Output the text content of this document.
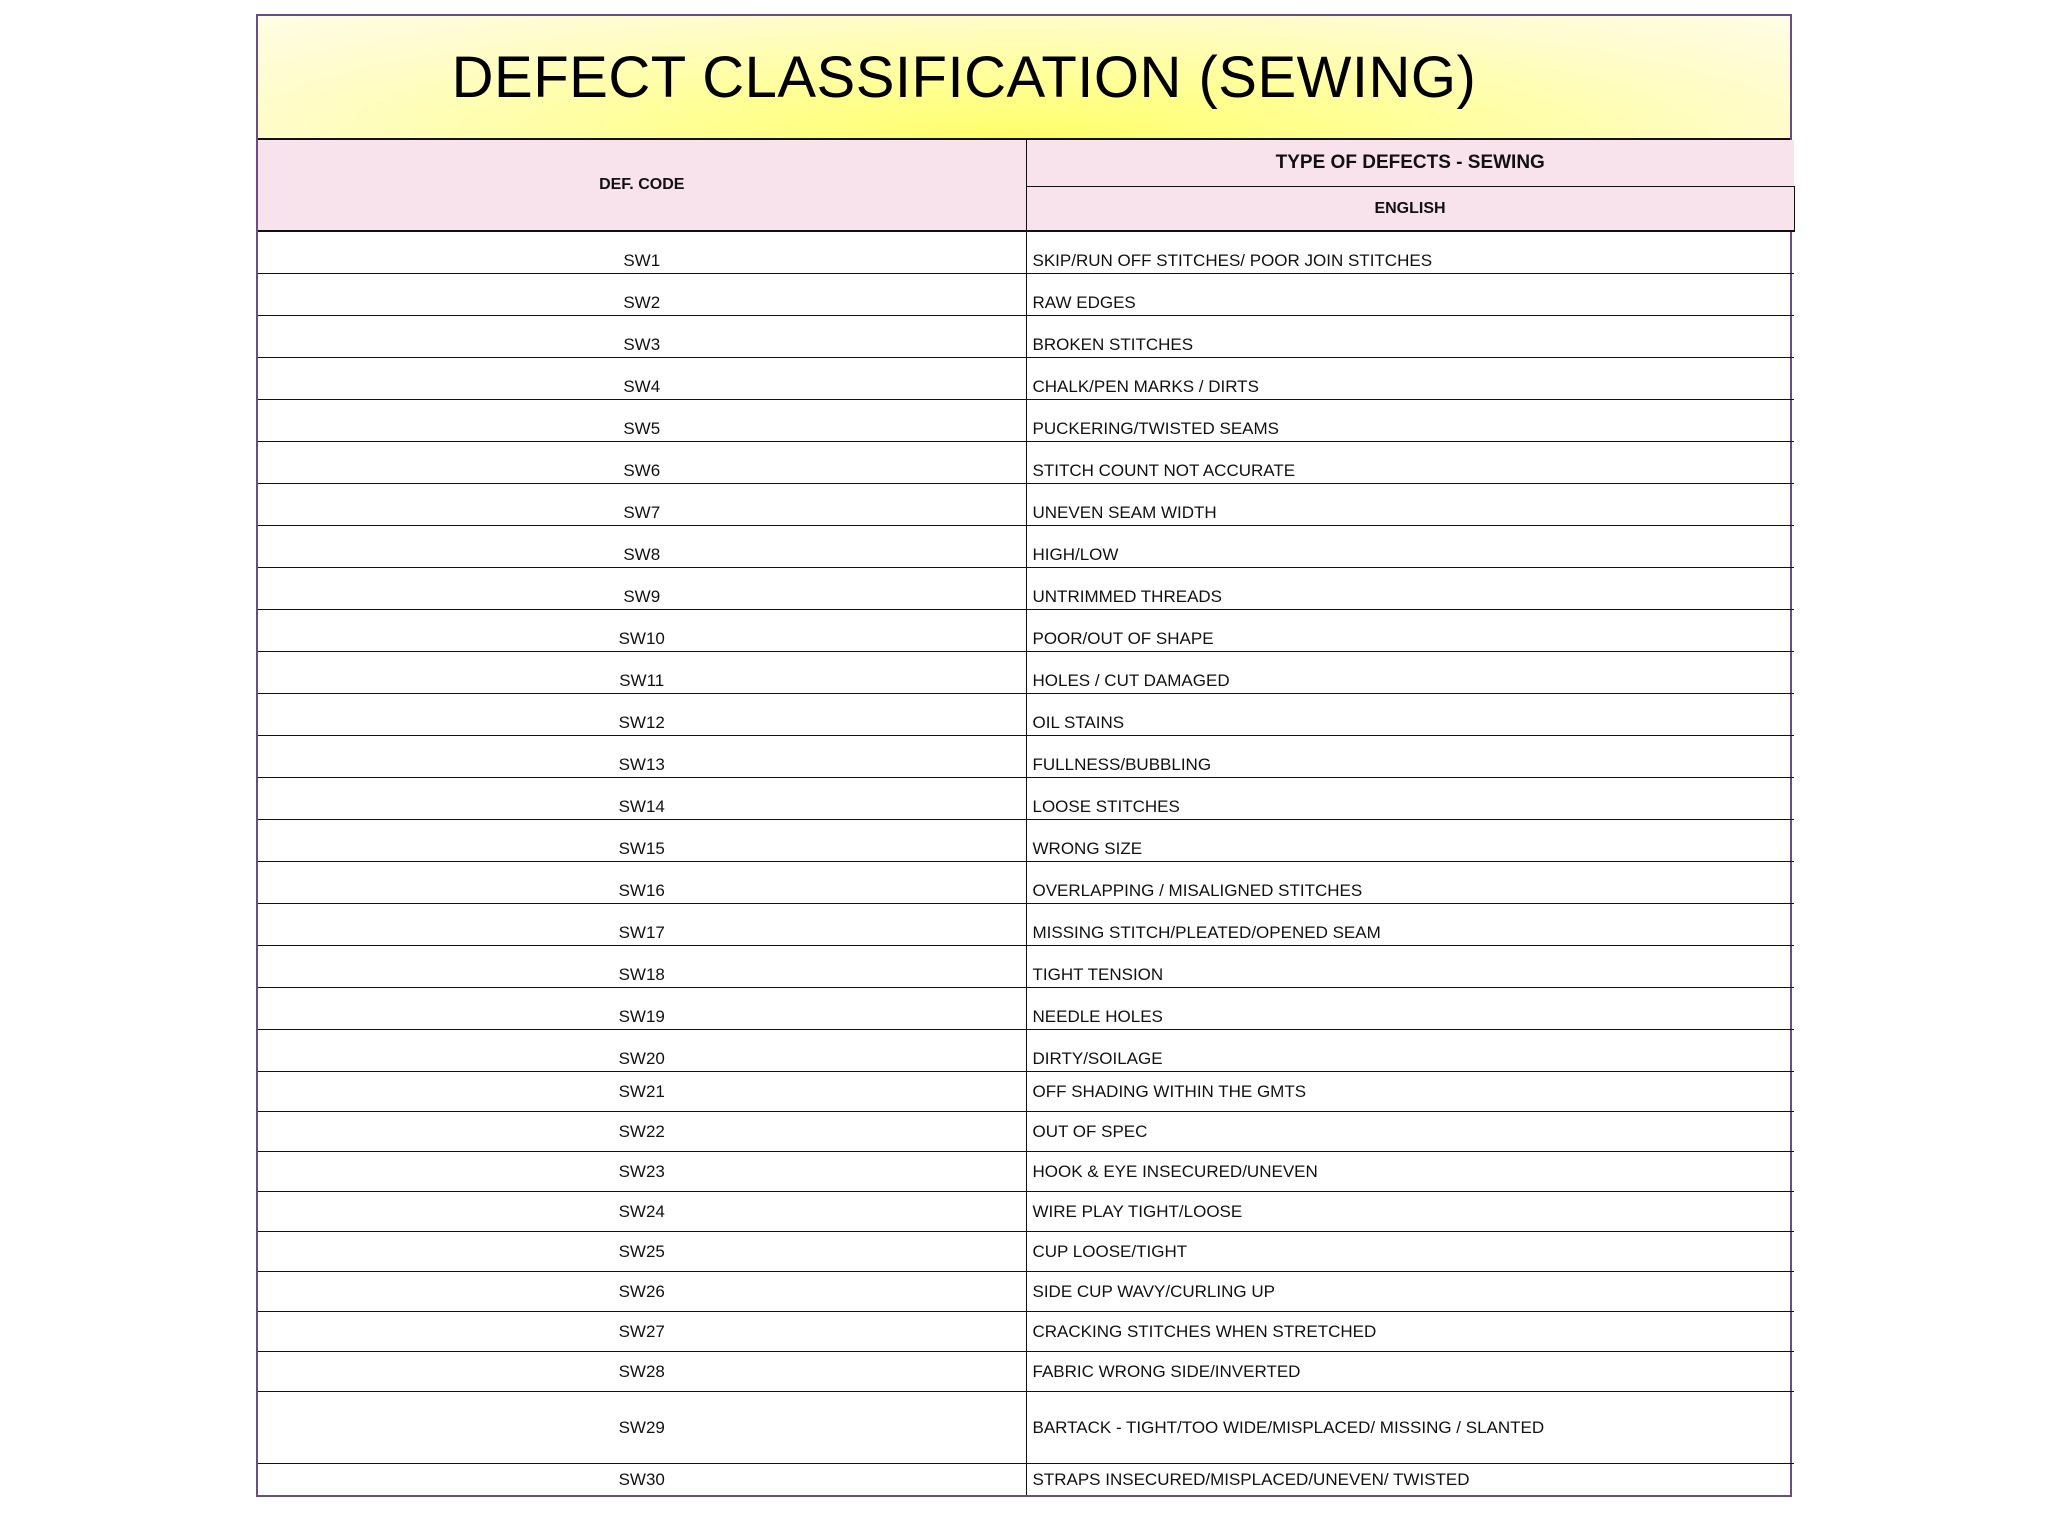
DEFECT CLASSIFICATION (SEWING)
DEF. CODE	TYPE OF DEFECTS - SEWING
	ENGLISH
SW1	SKIP/RUN OFF STITCHES/ POOR JOIN STITCHES
SW2	RAW EDGES
SW3	BROKEN STITCHES
SW4	CHALK/PEN MARKS / DIRTS
SW5	PUCKERING/TWISTED SEAMS
SW6	STITCH COUNT NOT ACCURATE
SW7	UNEVEN SEAM WIDTH
SW8	HIGH/LOW
SW9	UNTRIMMED THREADS
SW10	POOR/OUT OF SHAPE
SW11	HOLES / CUT DAMAGED
SW12	OIL STAINS
SW13	FULLNESS/BUBBLING
SW14	LOOSE STITCHES
SW15	WRONG SIZE
SW16	OVERLAPPING / MISALIGNED STITCHES
SW17	MISSING STITCH/PLEATED/OPENED SEAM
SW18	TIGHT TENSION
SW19	NEEDLE HOLES
SW20	DIRTY/SOILAGE
SW21	OFF SHADING WITHIN THE GMTS
SW22	OUT OF SPEC
SW23	HOOK & EYE INSECURED/UNEVEN
SW24	WIRE PLAY TIGHT/LOOSE
SW25	CUP LOOSE/TIGHT
SW26	SIDE CUP WAVY/CURLING UP
SW27	CRACKING STITCHES WHEN STRETCHED
SW28	FABRIC WRONG SIDE/INVERTED
SW29	BARTACK - TIGHT/TOO WIDE/MISPLACED/ MISSING / SLANTED
SW30	STRAPS INSECURED/MISPLACED/UNEVEN/ TWISTED
